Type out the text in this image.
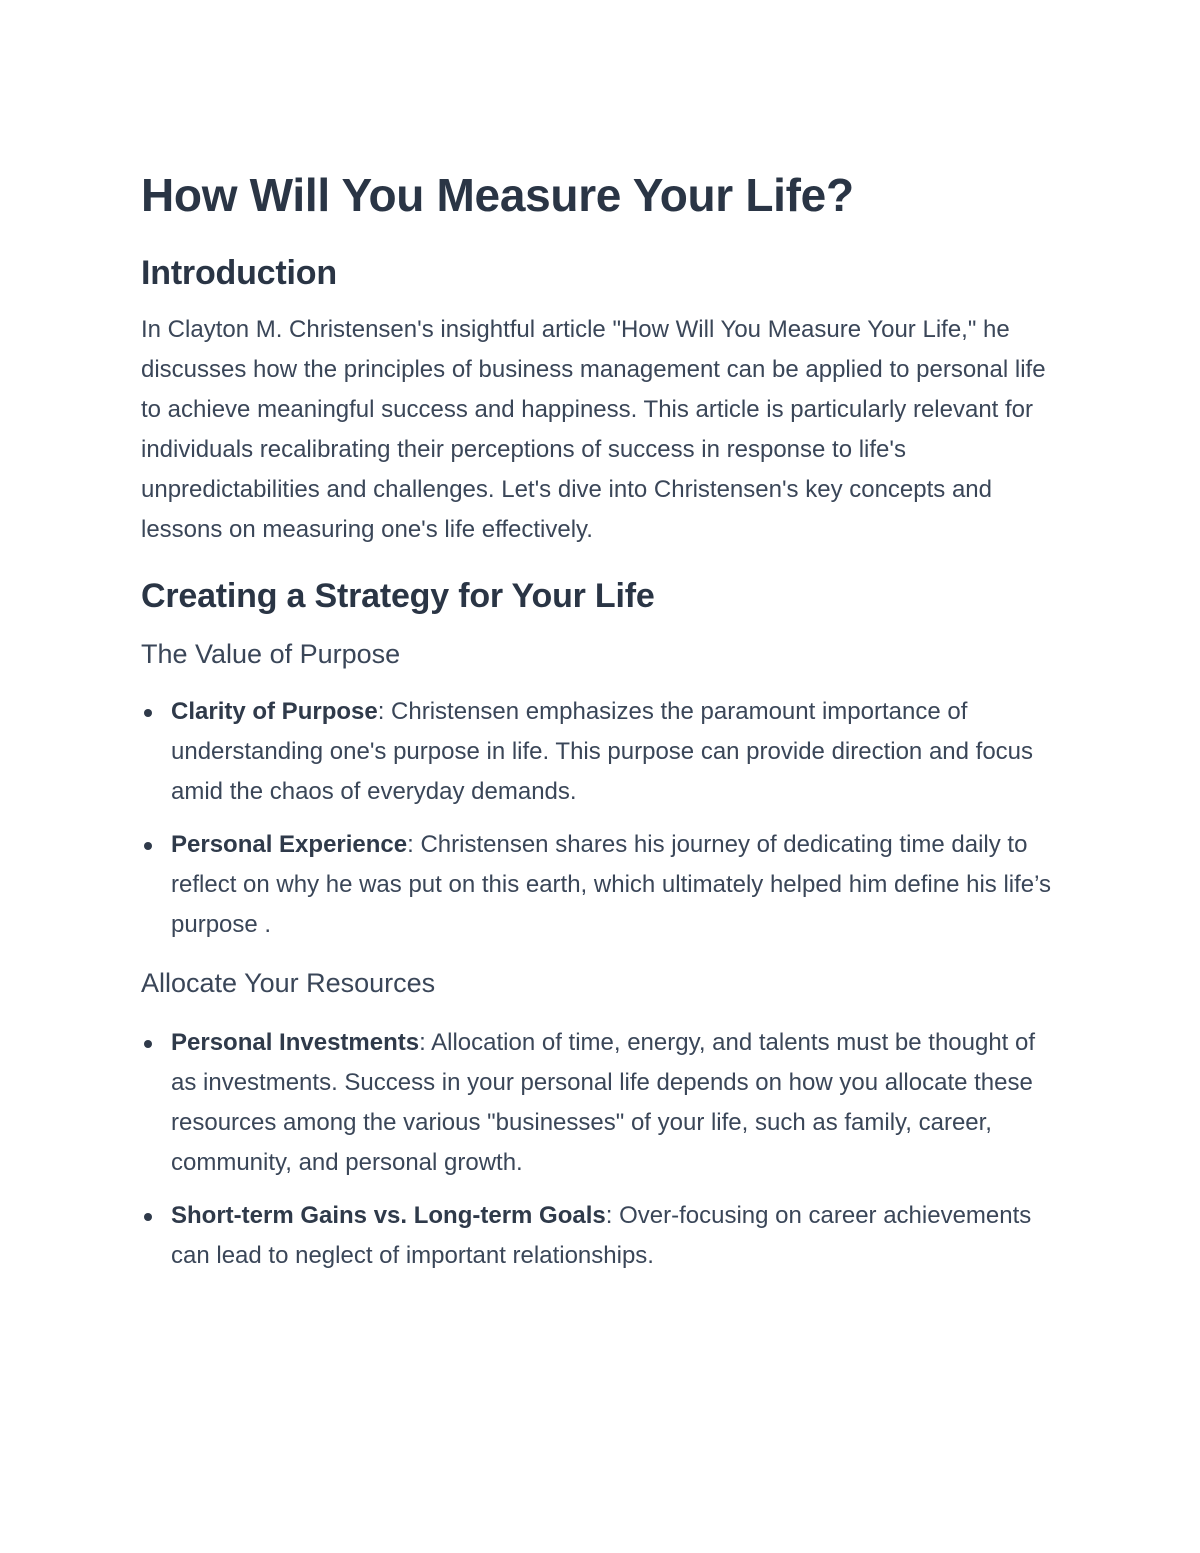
How Will You Measure Your Life?
Introduction

In Clayton M. Christensen's insightful article "How Will You Measure Your Life," he discusses how the principles of business management can be applied to personal life to achieve meaningful success and happiness. This article is particularly relevant for individuals recalibrating their perceptions of success in response to life's unpredictabilities and challenges. Let's dive into Christensen's key concepts and lessons on measuring one's life effectively.

Creating a Strategy for Your Life
The Value of Purpose
Clarity of Purpose: Christensen emphasizes the paramount importance of understanding one's purpose in life. This purpose can provide direction and focus amid the chaos of everyday demands.
Personal Experience: Christensen shares his journey of dedicating time daily to reflect on why he was put on this earth, which ultimately helped him define his life’s purpose .
Allocate Your Resources
Personal Investments: Allocation of time, energy, and talents must be thought of as investments. Success in your personal life depends on how you allocate these resources among the various "businesses" of your life, such as family, career, community, and personal growth.
Short-term Gains vs. Long-term Goals: Over-focusing on career achievements can lead to neglect of important relationships.
